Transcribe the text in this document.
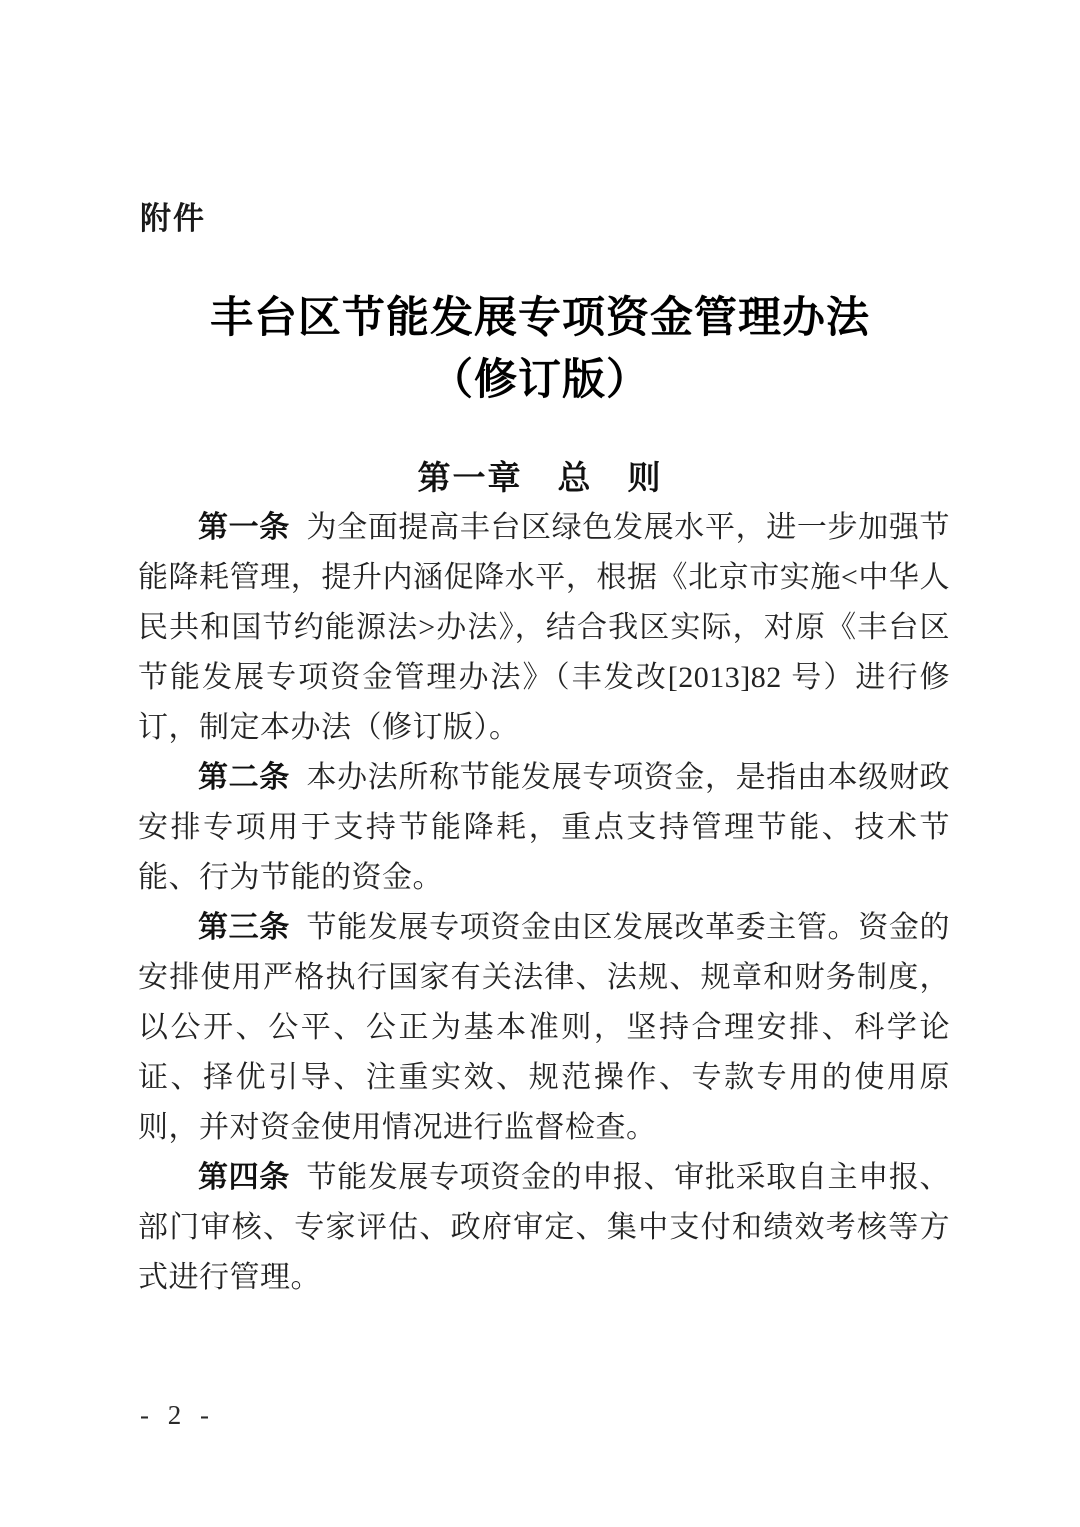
附件
丰台区节能发展专项资金管理办法
（修订版）
第一章　总　则

第一条 为全面提高丰台区绿色发展水平，进一步加强节能降耗管理，提升内涵促降水平，根据《北京市实施<中华人民共和国节约能源法>办法》，结合我区实际，对原《丰台区节能发展专项资金管理办法》（丰发改[2013]82 号）进行修订，制定本办法（修订版）。

第二条 本办法所称节能发展专项资金，是指由本级财政安排专项用于支持节能降耗，重点支持管理节能、技术节能、行为节能的资金。

第三条 节能发展专项资金由区发展改革委主管。资金的安排使用严格执行国家有关法律、法规、规章和财务制度，以公开、公平、公正为基本准则，坚持合理安排、科学论证、择优引导、注重实效、规范操作、专款专用的使用原则，并对资金使用情况进行监督检查。

第四条 节能发展专项资金的申报、审批采取自主申报、部门审核、专家评估、政府审定、集中支付和绩效考核等方式进行管理。

- 2 -
